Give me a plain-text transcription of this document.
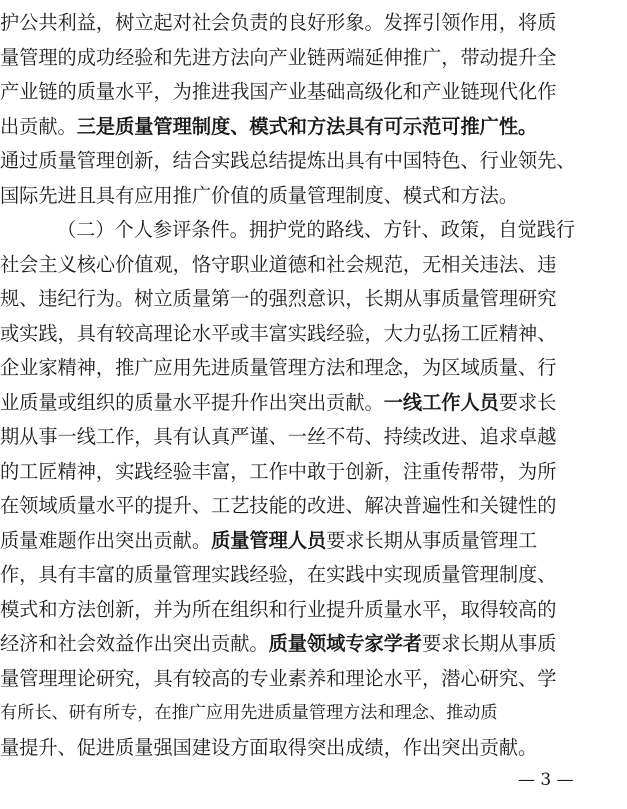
护公共利益，树立起对社会负责的良好形象。发挥引领作用，将质
量管理的成功经验和先进方法向产业链两端延伸推广，带动提升全
产业链的质量水平，为推进我国产业基础高级化和产业链现代化作
出贡献。三是质量管理制度、模式和方法具有可示范可推广性。
通过质量管理创新，结合实践总结提炼出具有中国特色、行业领先、
国际先进且具有应用推广价值的质量管理制度、模式和方法。
（二）个人参评条件。拥护党的路线、方针、政策，自觉践行
社会主义核心价值观，恪守职业道德和社会规范，无相关违法、违
规、违纪行为。树立质量第一的强烈意识，长期从事质量管理研究
或实践，具有较高理论水平或丰富实践经验，大力弘扬工匠精神、
企业家精神，推广应用先进质量管理方法和理念，为区域质量、行
业质量或组织的质量水平提升作出突出贡献。一线工作人员要求长
期从事一线工作，具有认真严谨、一丝不苟、持续改进、追求卓越
的工匠精神，实践经验丰富，工作中敢于创新，注重传帮带，为所
在领域质量水平的提升、工艺技能的改进、解决普遍性和关键性的
质量难题作出突出贡献。质量管理人员要求长期从事质量管理工
作，具有丰富的质量管理实践经验，在实践中实现质量管理制度、
模式和方法创新，并为所在组织和行业提升质量水平，取得较高的
经济和社会效益作出突出贡献。质量领域专家学者要求长期从事质
量管理理论研究，具有较高的专业素养和理论水平，潜心研究、学
有所长、研有所专，在推广应用先进质量管理方法和理念、推动质
量提升、促进质量强国建设方面取得突出成绩，作出突出贡献。
— 3 —
